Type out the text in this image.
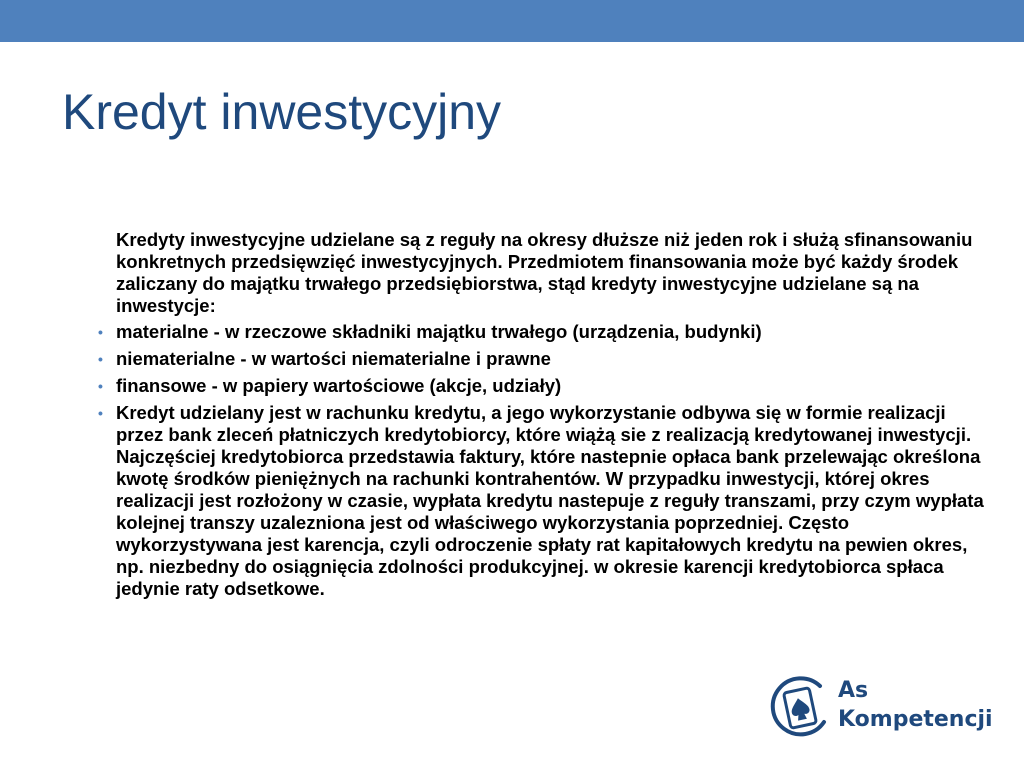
Kredyt inwestycyjny

Kredyty inwestycyjne udzielane są z reguły na okresy dłuższe niż jeden rok i służą sfinansowaniu konkretnych przedsięwzięć inwestycyjnych. Przedmiotem finansowania może być każdy środek zaliczany do majątku trwałego przedsiębiorstwa, stąd kredyty inwestycyjne udzielane są na inwestycje:

• materialne - w rzeczowe składniki majątku trwałego (urządzenia, budynki)
• niematerialne - w wartości niematerialne i prawne
• finansowe - w papiery wartościowe (akcje, udziały)
• Kredyt udzielany jest w rachunku kredytu, a jego wykorzystanie odbywa się w formie realizacji przez bank zleceń płatniczych kredytobiorcy, które wiążą sie z realizacją kredytowanej inwestycji. Najczęściej kredytobiorca przedstawia faktury, które nastepnie opłaca bank przelewając określona kwotę środków pieniężnych na rachunki kontrahentów. W przypadku inwestycji, której okres realizacji jest rozłożony w czasie, wypłata kredytu nastepuje z reguły transzami, przy czym wypłata kolejnej transzy uzalezniona jest od właściwego wykorzystania poprzedniej. Często wykorzystywana jest karencja, czyli odroczenie spłaty rat kapitałowych kredytu na pewien okres, np. niezbedny do osiągnięcia zdolności produkcyjnej. w okresie karencji kredytobiorca spłaca jedynie raty odsetkowe.
As
Kompetencji
